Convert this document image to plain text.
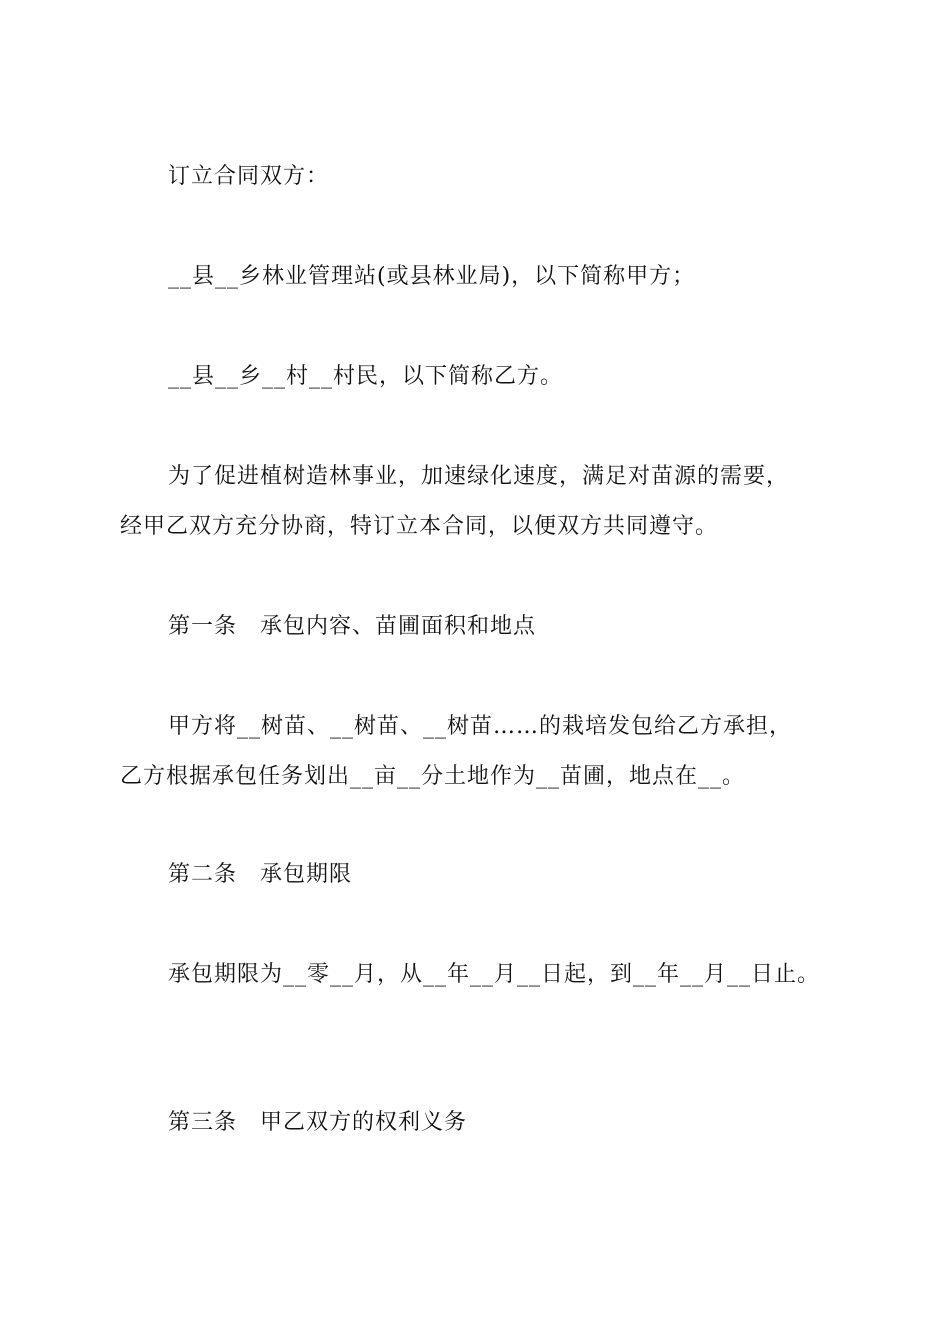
订立合同双方：
__县__乡林业管理站(或县林业局)，以下简称甲方；
__县__乡__村__村民，以下简称乙方。
为了促进植树造林事业，加速绿化速度，满足对苗源的需要，
经甲乙双方充分协商，特订立本合同，以便双方共同遵守。
第一条　承包内容、苗圃面积和地点
甲方将__树苗、__树苗、__树苗……的栽培发包给乙方承担，
乙方根据承包任务划出__亩__分土地作为__苗圃，地点在__。
第二条　承包期限
承包期限为__零__月，从__年__月__日起，到__年__月__日止。
第三条　甲乙双方的权利义务
